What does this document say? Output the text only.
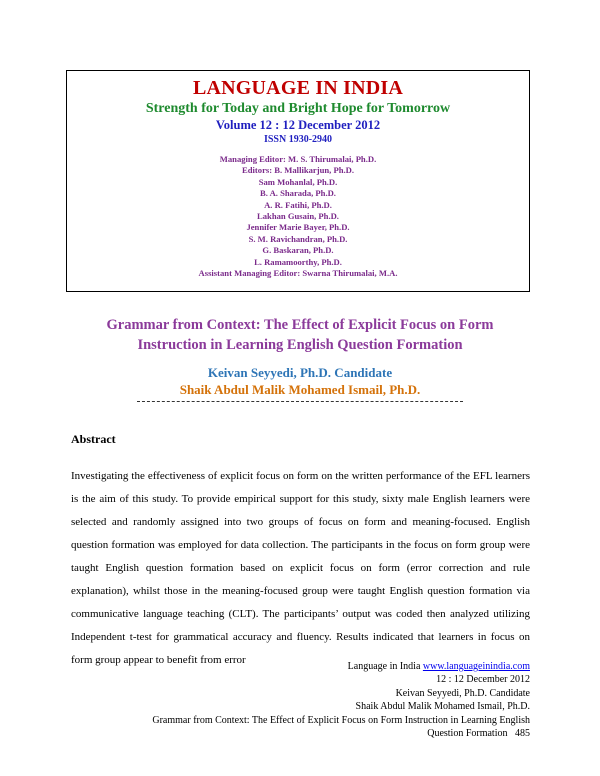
LANGUAGE IN INDIA
Strength for Today and Bright Hope for Tomorrow
Volume 12 : 12 December 2012
ISSN 1930-2940
Managing Editor: M. S. Thirumalai, Ph.D.
Editors: B. Mallikarjun, Ph.D.
Sam Mohanlal, Ph.D.
B. A. Sharada, Ph.D.
A. R. Fatihi, Ph.D.
Lakhan Gusain, Ph.D.
Jennifer Marie Bayer, Ph.D.
S. M. Ravichandran, Ph.D.
G. Baskaran, Ph.D.
L. Ramamoorthy, Ph.D.
Assistant Managing Editor: Swarna Thirumalai, M.A.
Grammar from Context: The Effect of Explicit Focus on Form
Instruction in Learning English Question Formation
Keivan Seyyedi, Ph.D. Candidate
Shaik Abdul Malik Mohamed Ismail, Ph.D.
Abstract

Investigating the effectiveness of explicit focus on form on the written performance of the EFL learners is the aim of this study. To provide empirical support for this study, sixty male English learners were selected and randomly assigned into two groups of focus on form and meaning-focused. English question formation was employed for data collection. The participants in the focus on form group were taught English question formation based on explicit focus on form (error correction and rule explanation), whilst those in the meaning-focused group were taught English question formation via communicative language teaching (CLT). The participants’ output was coded then analyzed utilizing Independent t-test for grammatical accuracy and fluency. Results indicated that learners in focus on form group appear to benefit from error

Language in India www.languageinindia.com
12 : 12 December 2012
Keivan Seyyedi, Ph.D. Candidate
Shaik Abdul Malik Mohamed Ismail, Ph.D.
Grammar from Context: The Effect of Explicit Focus on Form Instruction in Learning English
Question Formation 485
